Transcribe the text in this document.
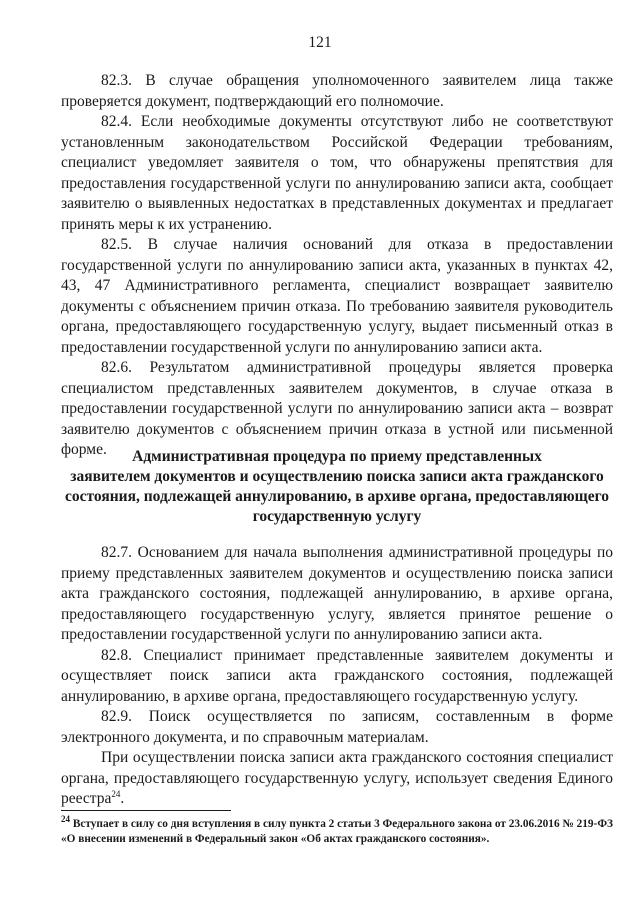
121

82.3. В случае обращения уполномоченного заявителем лица также проверяется документ, подтверждающий его полномочие.

82.4. Если необходимые документы отсутствуют либо не соответствуют установленным законодательством Российской Федерации требованиям, специалист уведомляет заявителя о том, что обнаружены препятствия для предоставления государственной услуги по аннулированию записи акта, сообщает заявителю о выявленных недостатках в представленных документах и предлагает принять меры к их устранению.

82.5. В случае наличия оснований для отказа в предоставлении государственной услуги по аннулированию записи акта, указанных в пунктах 42, 43, 47 Административного регламента, специалист возвращает заявителю документы с объяснением причин отказа. По требованию заявителя руководитель органа, предоставляющего государственную услугу, выдает письменный отказ в предоставлении государственной услуги по аннулированию записи акта.

82.6. Результатом административной процедуры является проверка специалистом представленных заявителем документов, в случае отказа в предоставлении государственной услуги по аннулированию записи акта – возврат заявителю документов с объяснением причин отказа в устной или письменной форме.	Административная процедура по приему представленных
заявителем документов и осуществлению поиска записи акта гражданского
состояния, подлежащей аннулированию, в архиве органа, предоставляющего
государственную услугу

82.7. Основанием для начала выполнения административной процедуры по приему представленных заявителем документов и осуществлению поиска записи акта гражданского состояния, подлежащей аннулированию, в архиве органа, предоставляющего государственную услугу, является принятое решение о предоставлении государственной услуги по аннулированию записи акта.

82.8. Специалист принимает представленные заявителем документы и осуществляет поиск записи акта гражданского состояния, подлежащей аннулированию, в архиве органа, предоставляющего государственную услугу.

82.9. Поиск осуществляется по записям, составленным в форме электронного документа, и по справочным материалам.

При осуществлении поиска записи акта гражданского состояния специалист органа, предоставляющего государственную услугу, использует сведения Единого реестра$^{24}$.

$^{24}$ Вступает в силу со дня вступления в силу пункта 2 статьи 3 Федерального закона от 23.06.2016 № 219-ФЗ «О внесении изменений в Федеральный закон «Об актах гражданского состояния».
